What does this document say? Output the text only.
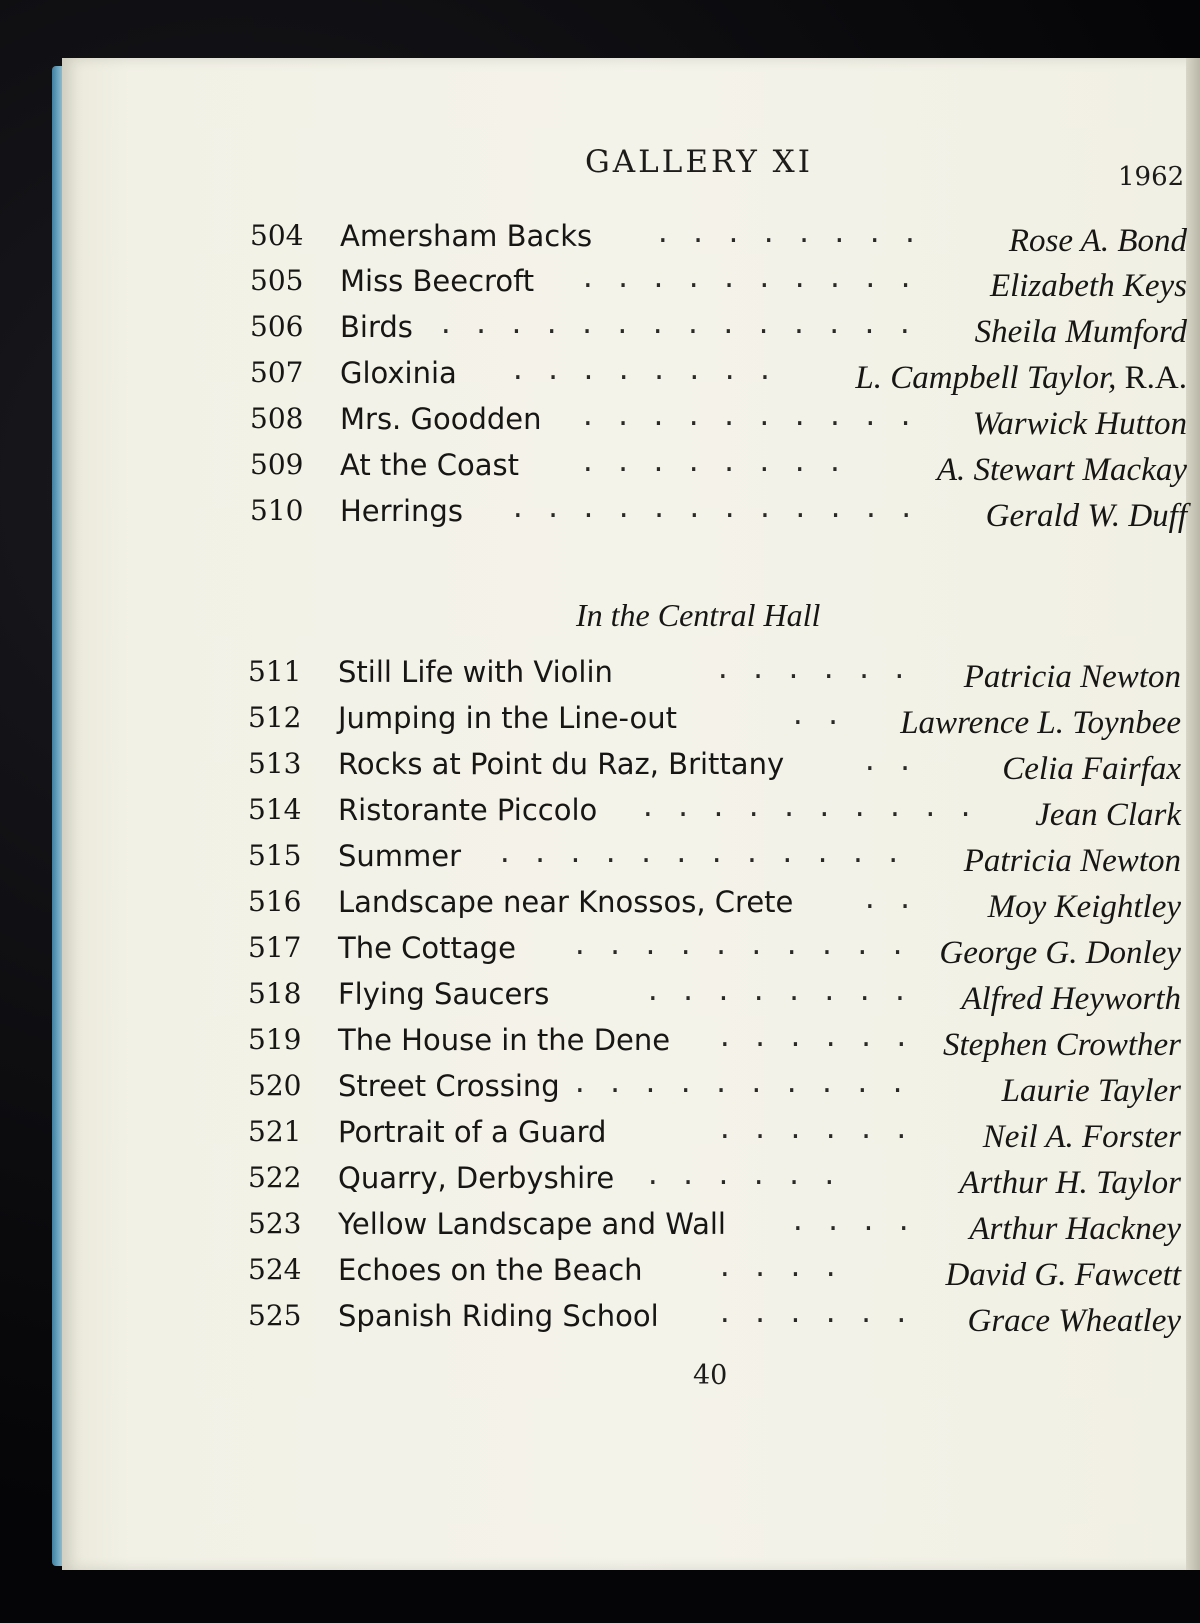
GALLERY XI	1962
504	Amersham Backs . . . . . . . .	Rose A. Bond
505	Miss Beecroft . . . . . . . . . . Elizabeth Keys
506	Birds . . . . . . . . . . . . . . Sheila Mumford
507	Gloxinia . . . . . . . . L. Campbell Taylor, R.A.
508	Mrs. Goodden . . . . . . . . . . Warwick Hutton
509	At the Coast . . . . . . . .	A. Stewart Mackay
510	Herrings . . . . . . . . . . . . Gerald W. Duff
In the Central Hall
511	Still Life with Violin	. . . . . . Patricia Newton
512	Jumping in the Line-out	. . Lawrence L. Toynbee
513	Rocks at Point du Raz, Brittany	. .	Celia Fairfax
514	Ristorante Piccolo . . . . . . . . . . Jean Clark
515	Summer . . . . . . . . . . . . Patricia Newton
516	Landscape near Knossos, Crete	. . Moy Keightley
517	The Cottage . . . . . . . . . . George G. Donley
518	Flying Saucers	. . . . . . . . Alfred Heyworth
519	The House in the Dene . . . . . . Stephen Crowther
520	Street Crossing . . . . . . . . . .	Laurie Tayler
521	Portrait of a Guard	. . . . . . Neil A. Forster
522	Quarry, Derbyshire . . . . . .	Arthur H. Taylor
523	Yellow Landscape and Wall . . . . Arthur Hackney
524	Echoes on the Beach	. . . .	David G. Fawcett
525	Spanish Riding School . . . . . . Grace Wheatley
40
